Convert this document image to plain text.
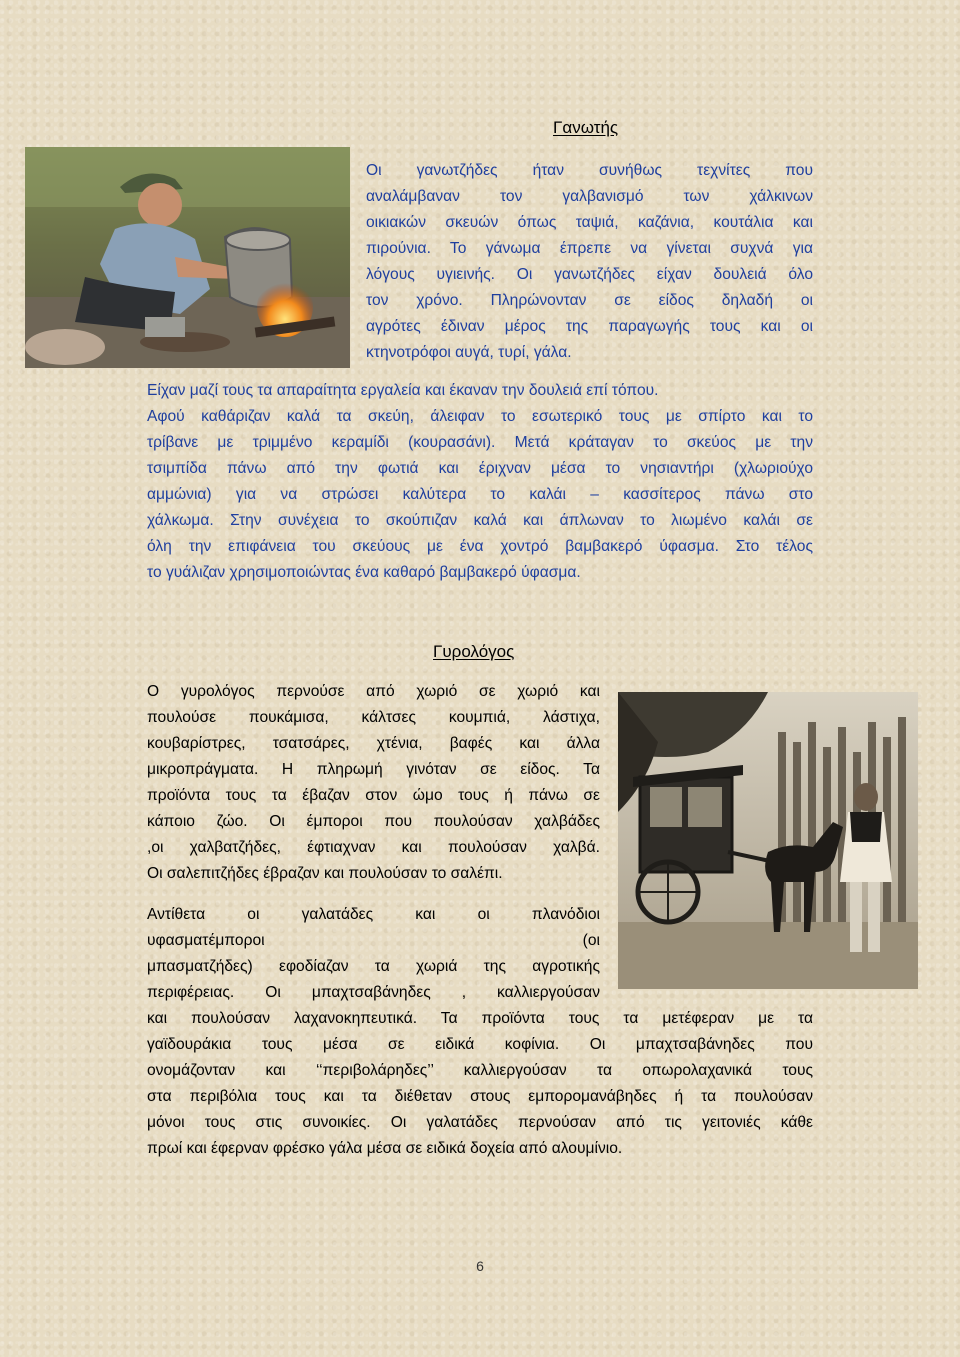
Γανωτής
Οι γανωτζήδες ήταν συνήθως τεχνίτες που
αναλάμβαναν τον γαλβανισμό των χάλκινων
οικιακών σκευών όπως ταψιά, καζάνια, κουτάλια και
πιρούνια. Το γάνωμα έπρεπε να γίνεται συχνά για
λόγους υγιεινής. Οι γανωτζήδες είχαν δουλειά όλο
τον χρόνο. Πληρώνονταν σε είδος δηλαδή οι
αγρότες έδιναν μέρος της παραγωγής τους και οι
κτηνοτρόφοι αυγά, τυρί, γάλα.
Είχαν μαζί τους τα απαραίτητα εργαλεία και έκαναν την δουλειά επί τόπου.
Αφού καθάριζαν καλά τα σκεύη, άλειφαν το εσωτερικό τους με σπίρτο και το
τρίβανε με τριμμένο κεραμίδι (κουρασάνι). Μετά κράταγαν το σκεύος με την
τσιμπίδα πάνω από την φωτιά και έριχναν μέσα το νησιαντήρι (χλωριούχο
αμμώνια) για να στρώσει καλύτερα το καλάι – κασσίτερος πάνω στο
χάλκωμα. Στην συνέχεια το σκούπιζαν καλά και άπλωναν το λιωμένο καλάι σε
όλη την επιφάνεια του σκεύους με ένα χοντρό βαμβακερό ύφασμα. Στο τέλος
το γυάλιζαν χρησιμοποιώντας ένα καθαρό βαμβακερό ύφασμα.
Γυρολόγος
Ο γυρολόγος περνούσε από χωριό σε χωριό και
πουλούσε πουκάμισα, κάλτσες κουμπιά, λάστιχα,
κουβαρίστρες, τσατσάρες, χτένια, βαφές και άλλα
μικροπράγματα. Η πληρωμή γινόταν σε είδος. Τα
προϊόντα τους τα έβαζαν στον ώμο τους ή πάνω σε
κάποιο ζώο. Οι έμποροι που πουλούσαν χαλβάδες
,οι χαλβατζήδες, έφτιαχναν και πουλούσαν χαλβά.
Οι σαλεπιτζήδες έβραζαν και πουλούσαν το σαλέπι.
Αντίθετα οι γαλατάδες και οι πλανόδιοι
υφασματέμποροι (οι
μπασματζήδες) εφοδίαζαν τα χωριά της αγροτικής
περιφέρειας. Οι μπαχτσαβάνηδες , καλλιεργούσαν
και πουλούσαν λαχανοκηπευτικά. Τα προϊόντα τους τα μετέφεραν με τα
γαϊδουράκια τους μέσα σε ειδικά κοφίνια. Οι μπαχτσαβάνηδες που
ονομάζονταν και ‘‘περιβολάρηδες’’ καλλιεργούσαν τα οπωρολαχανικά τους
στα περιβόλια τους και τα διέθεταν στους εμπορομανάβηδες ή τα πουλούσαν
μόνοι τους στις συνοικίες. Οι γαλατάδες περνούσαν από τις γειτονιές κάθε
πρωί και έφερναν φρέσκο γάλα μέσα σε ειδικά δοχεία από αλουμίνιο.
6
